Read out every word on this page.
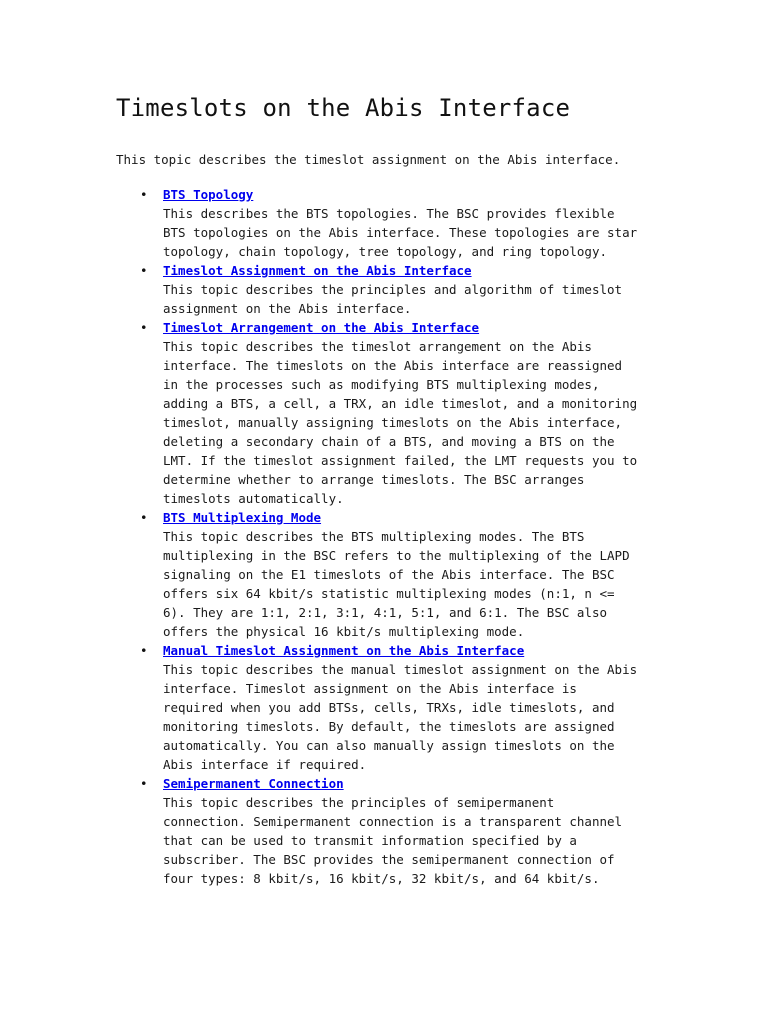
Timeslots on the Abis Interface

This topic describes the timeslot assignment on the Abis interface.

• BTS Topology

This describes the BTS topologies. The BSC provides flexible
BTS topologies on the Abis interface. These topologies are star
topology, chain topology, tree topology, and ring topology.

• Timeslot Assignment on the Abis Interface

This topic describes the principles and algorithm of timeslot
assignment on the Abis interface.

• Timeslot Arrangement on the Abis Interface

This topic describes the timeslot arrangement on the Abis
interface. The timeslots on the Abis interface are reassigned
in the processes such as modifying BTS multiplexing modes,
adding a BTS, a cell, a TRX, an idle timeslot, and a monitoring
timeslot, manually assigning timeslots on the Abis interface,
deleting a secondary chain of a BTS, and moving a BTS on the
LMT. If the timeslot assignment failed, the LMT requests you to
determine whether to arrange timeslots. The BSC arranges
timeslots automatically.

• BTS Multiplexing Mode

This topic describes the BTS multiplexing modes. The BTS
multiplexing in the BSC refers to the multiplexing of the LAPD
signaling on the E1 timeslots of the Abis interface. The BSC
offers six 64 kbit/s statistic multiplexing modes (n:1, n <=
6). They are 1:1, 2:1, 3:1, 4:1, 5:1, and 6:1. The BSC also
offers the physical 16 kbit/s multiplexing mode.

• Manual Timeslot Assignment on the Abis Interface

This topic describes the manual timeslot assignment on the Abis
interface. Timeslot assignment on the Abis interface is
required when you add BTSs, cells, TRXs, idle timeslots, and
monitoring timeslots. By default, the timeslots are assigned
automatically. You can also manually assign timeslots on the
Abis interface if required.

• Semipermanent Connection

This topic describes the principles of semipermanent
connection. Semipermanent connection is a transparent channel
that can be used to transmit information specified by a
subscriber. The BSC provides the semipermanent connection of
four types: 8 kbit/s, 16 kbit/s, 32 kbit/s, and 64 kbit/s.
